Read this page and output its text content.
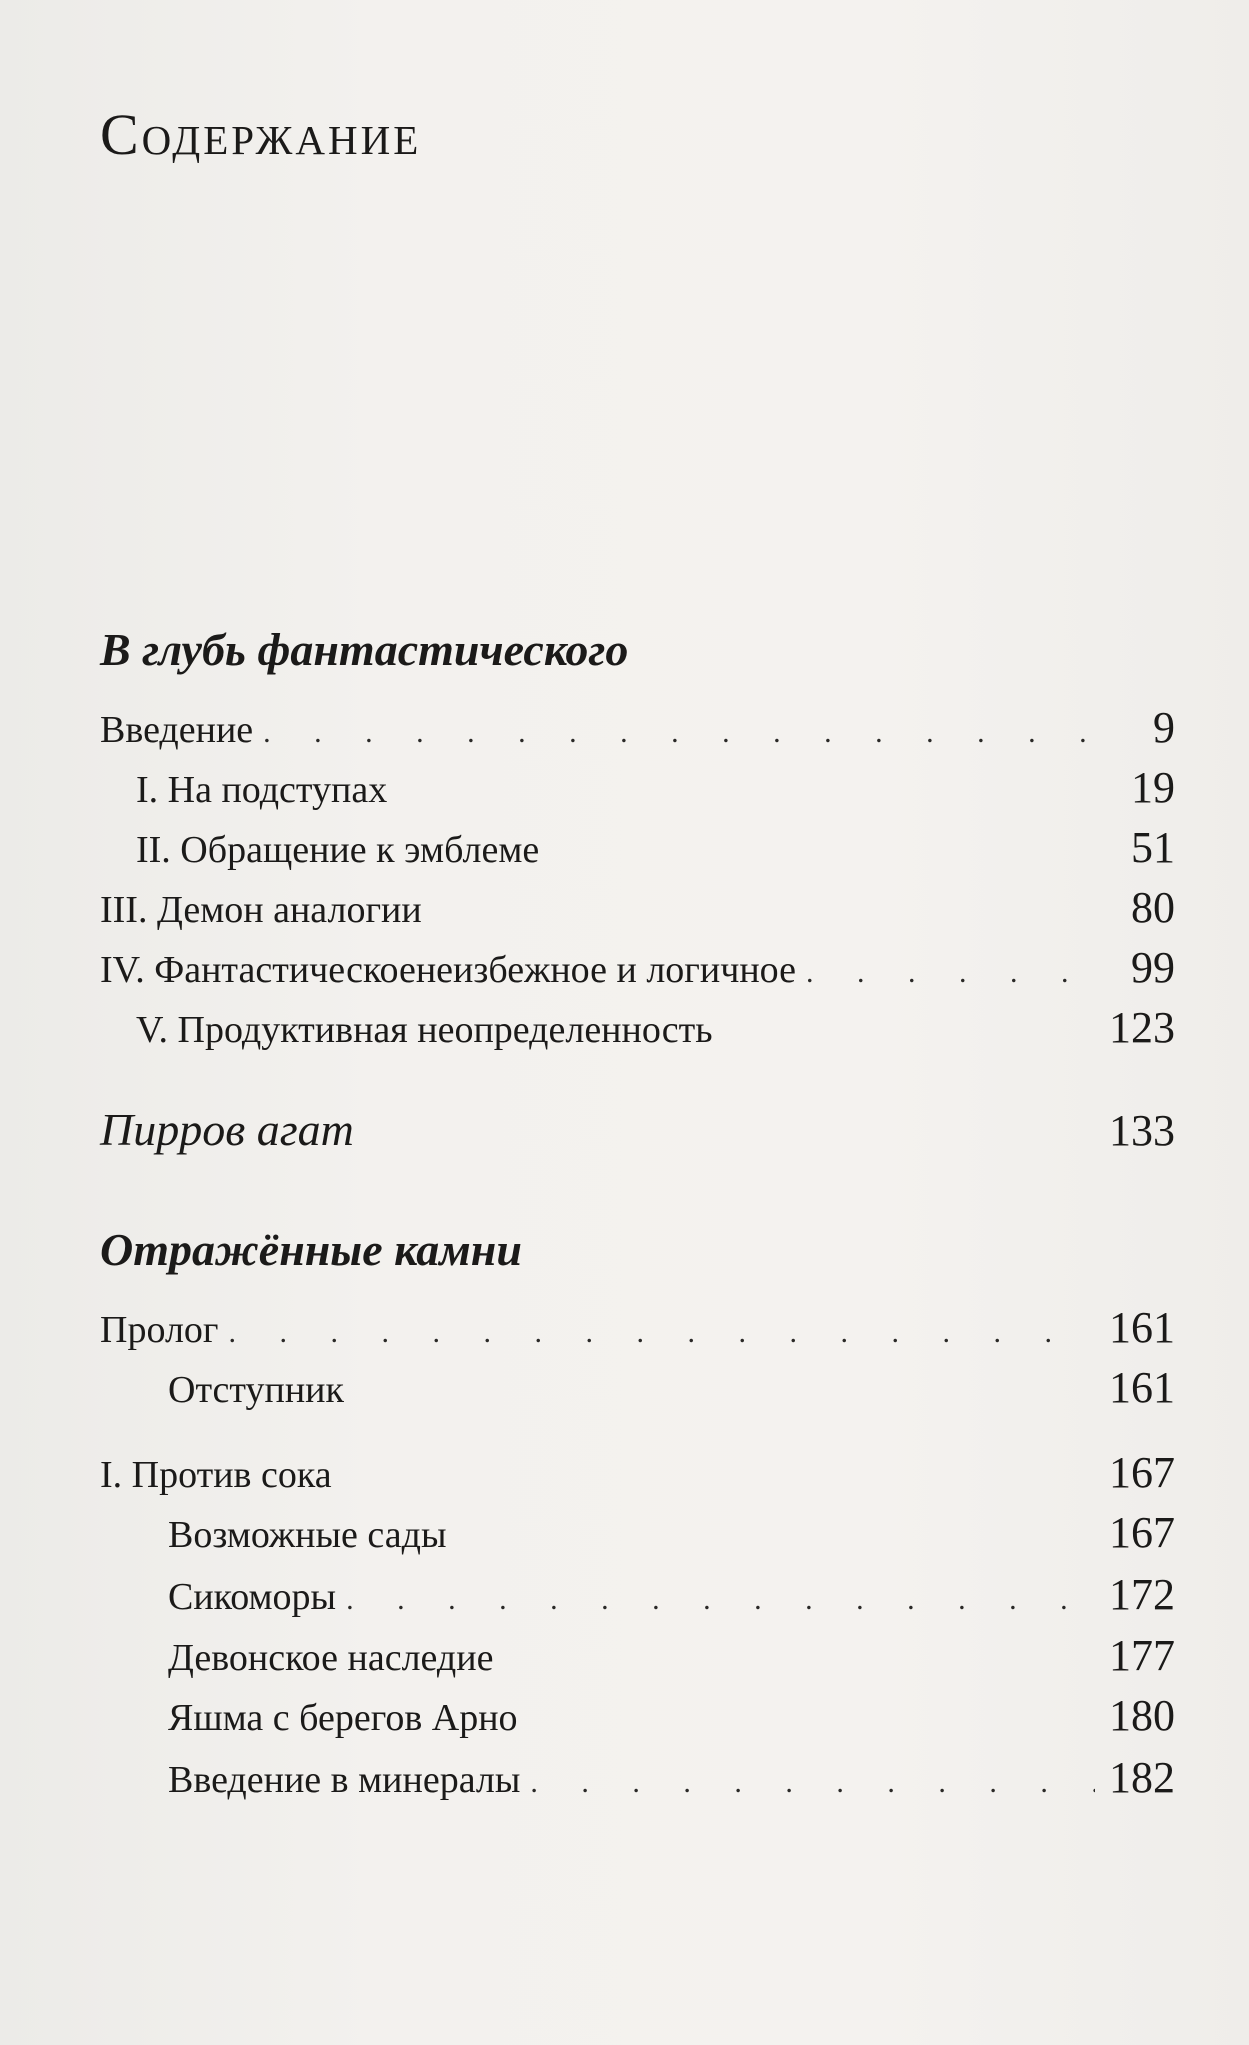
Содержание
В глубь фантастического
Введение . . .	9
I. На подступах	19
II. Обращение к эмблеме	51
III. Демон аналогии	80
IV. Фантастическоенеизбежное и логичное . . .	99
V. Продуктивная неопределенность	123
Пирров агат	133
Отражённые камни
Пролог . . .	161
Отступник	161
I. Против сока	167
Возможные сады	167
Сикоморы . . .	172
Девонское наследие	177
Яшма с берегов Арно	180
Введение в минералы . . .	182
